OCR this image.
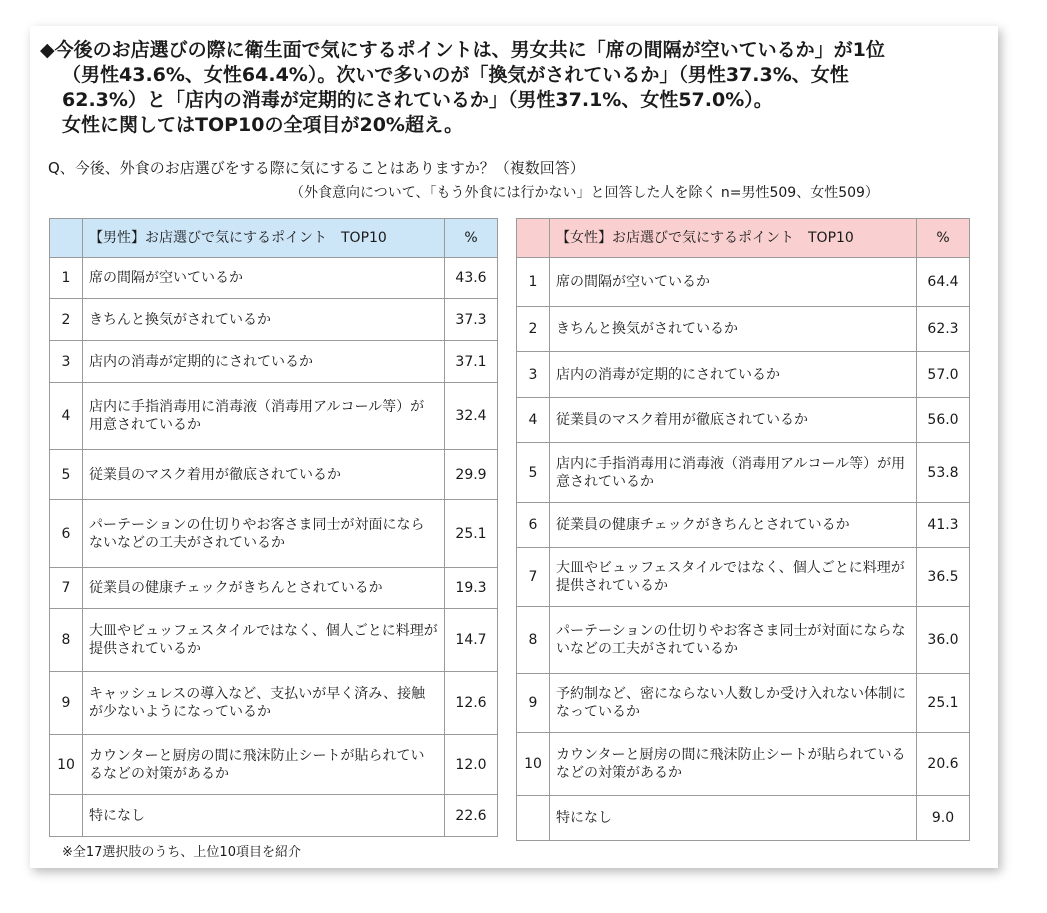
◆今後のお店選びの際に衛生面で気にするポイントは、男女共に「席の間隔が空いているか」が1位
（男性43.6%、女性64.4%）。次いで多いのが「換気がされているか」（男性37.3%、女性
62.3%）と「店内の消毒が定期的にされているか」（男性37.1%、女性57.0%）。
女性に関してはTOP10の全項目が20%超え。
Q、今後、外食のお店選びをする際に気にすることはありますか？（複数回答）
（外食意向について、「もう外食には行かない」と回答した人を除く n=男性509、女性509）
	【男性】お店選びで気にするポイント　TOP10	%
1	席の間隔が空いているか	43.6
2	きちんと換気がされているか	37.3
3	店内の消毒が定期的にされているか	37.1
4	店内に手指消毒用に消毒液（消毒用アルコール等）が用意されているか	32.4
5	従業員のマスク着用が徹底されているか	29.9
6	パーテーションの仕切りやお客さま同士が対面にならないなどの工夫がされているか	25.1
7	従業員の健康チェックがきちんとされているか	19.3
8	大皿やビュッフェスタイルではなく、個人ごとに料理が提供されているか	14.7
9	キャッシュレスの導入など、支払いが早く済み、接触が少ないようになっているか	12.6
10	カウンターと厨房の間に飛沫防止シートが貼られているなどの対策があるか	12.0
	特になし	22.6
	【女性】お店選びで気にするポイント　TOP10	%
1	席の間隔が空いているか	64.4
2	きちんと換気がされているか	62.3
3	店内の消毒が定期的にされているか	57.0
4	従業員のマスク着用が徹底されているか	56.0
5	店内に手指消毒用に消毒液（消毒用アルコール等）が用意されているか	53.8
6	従業員の健康チェックがきちんとされているか	41.3
7	大皿やビュッフェスタイルではなく、個人ごとに料理が提供されているか	36.5
8	パーテーションの仕切りやお客さま同士が対面にならないなどの工夫がされているか	36.0
9	予約制など、密にならない人数しか受け入れない体制になっているか	25.1
10	カウンターと厨房の間に飛沫防止シートが貼られているなどの対策があるか	20.6
	特になし	9.0
※全17選択肢のうち、上位10項目を紹介
